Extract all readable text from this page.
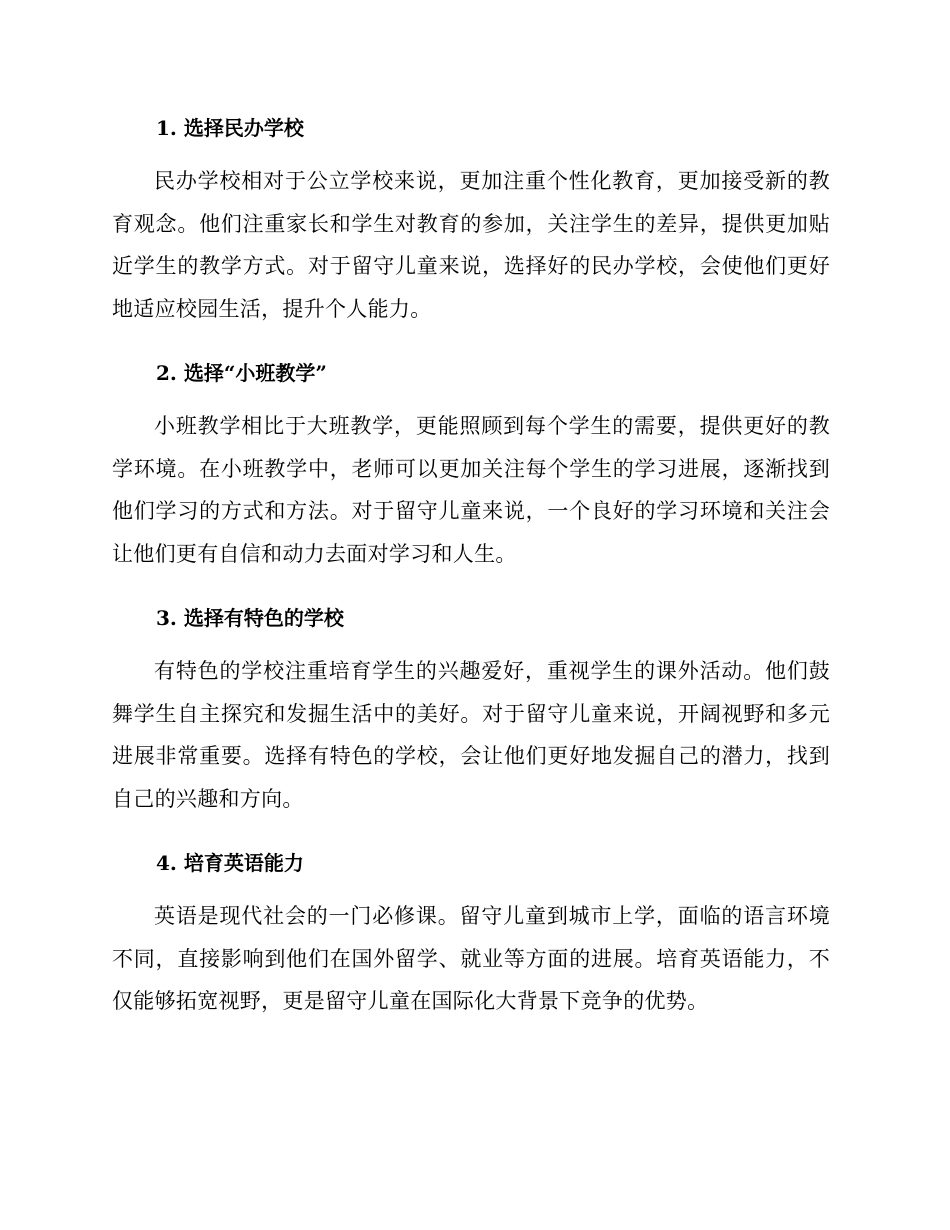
1. 选择民办学校

民办学校相对于公立学校来说，更加注重个性化教育，更加接受新的教育观念。他们注重家长和学生对教育的参加，关注学生的差异，提供更加贴近学生的教学方式。对于留守儿童来说，选择好的民办学校，会使他们更好地适应校园生活，提升个人能力。

2. 选择“小班教学”

小班教学相比于大班教学，更能照顾到每个学生的需要，提供更好的教学环境。在小班教学中，老师可以更加关注每个学生的学习进展，逐渐找到他们学习的方式和方法。对于留守儿童来说，一个良好的学习环境和关注会让他们更有自信和动力去面对学习和人生。

3. 选择有特色的学校

有特色的学校注重培育学生的兴趣爱好，重视学生的课外活动。他们鼓舞学生自主探究和发掘生活中的美好。对于留守儿童来说，开阔视野和多元进展非常重要。选择有特色的学校，会让他们更好地发掘自己的潜力，找到自己的兴趣和方向。

4. 培育英语能力

英语是现代社会的一门必修课。留守儿童到城市上学，面临的语言环境不同，直接影响到他们在国外留学、就业等方面的进展。培育英语能力，不仅能够拓宽视野，更是留守儿童在国际化大背景下竞争的优势。
